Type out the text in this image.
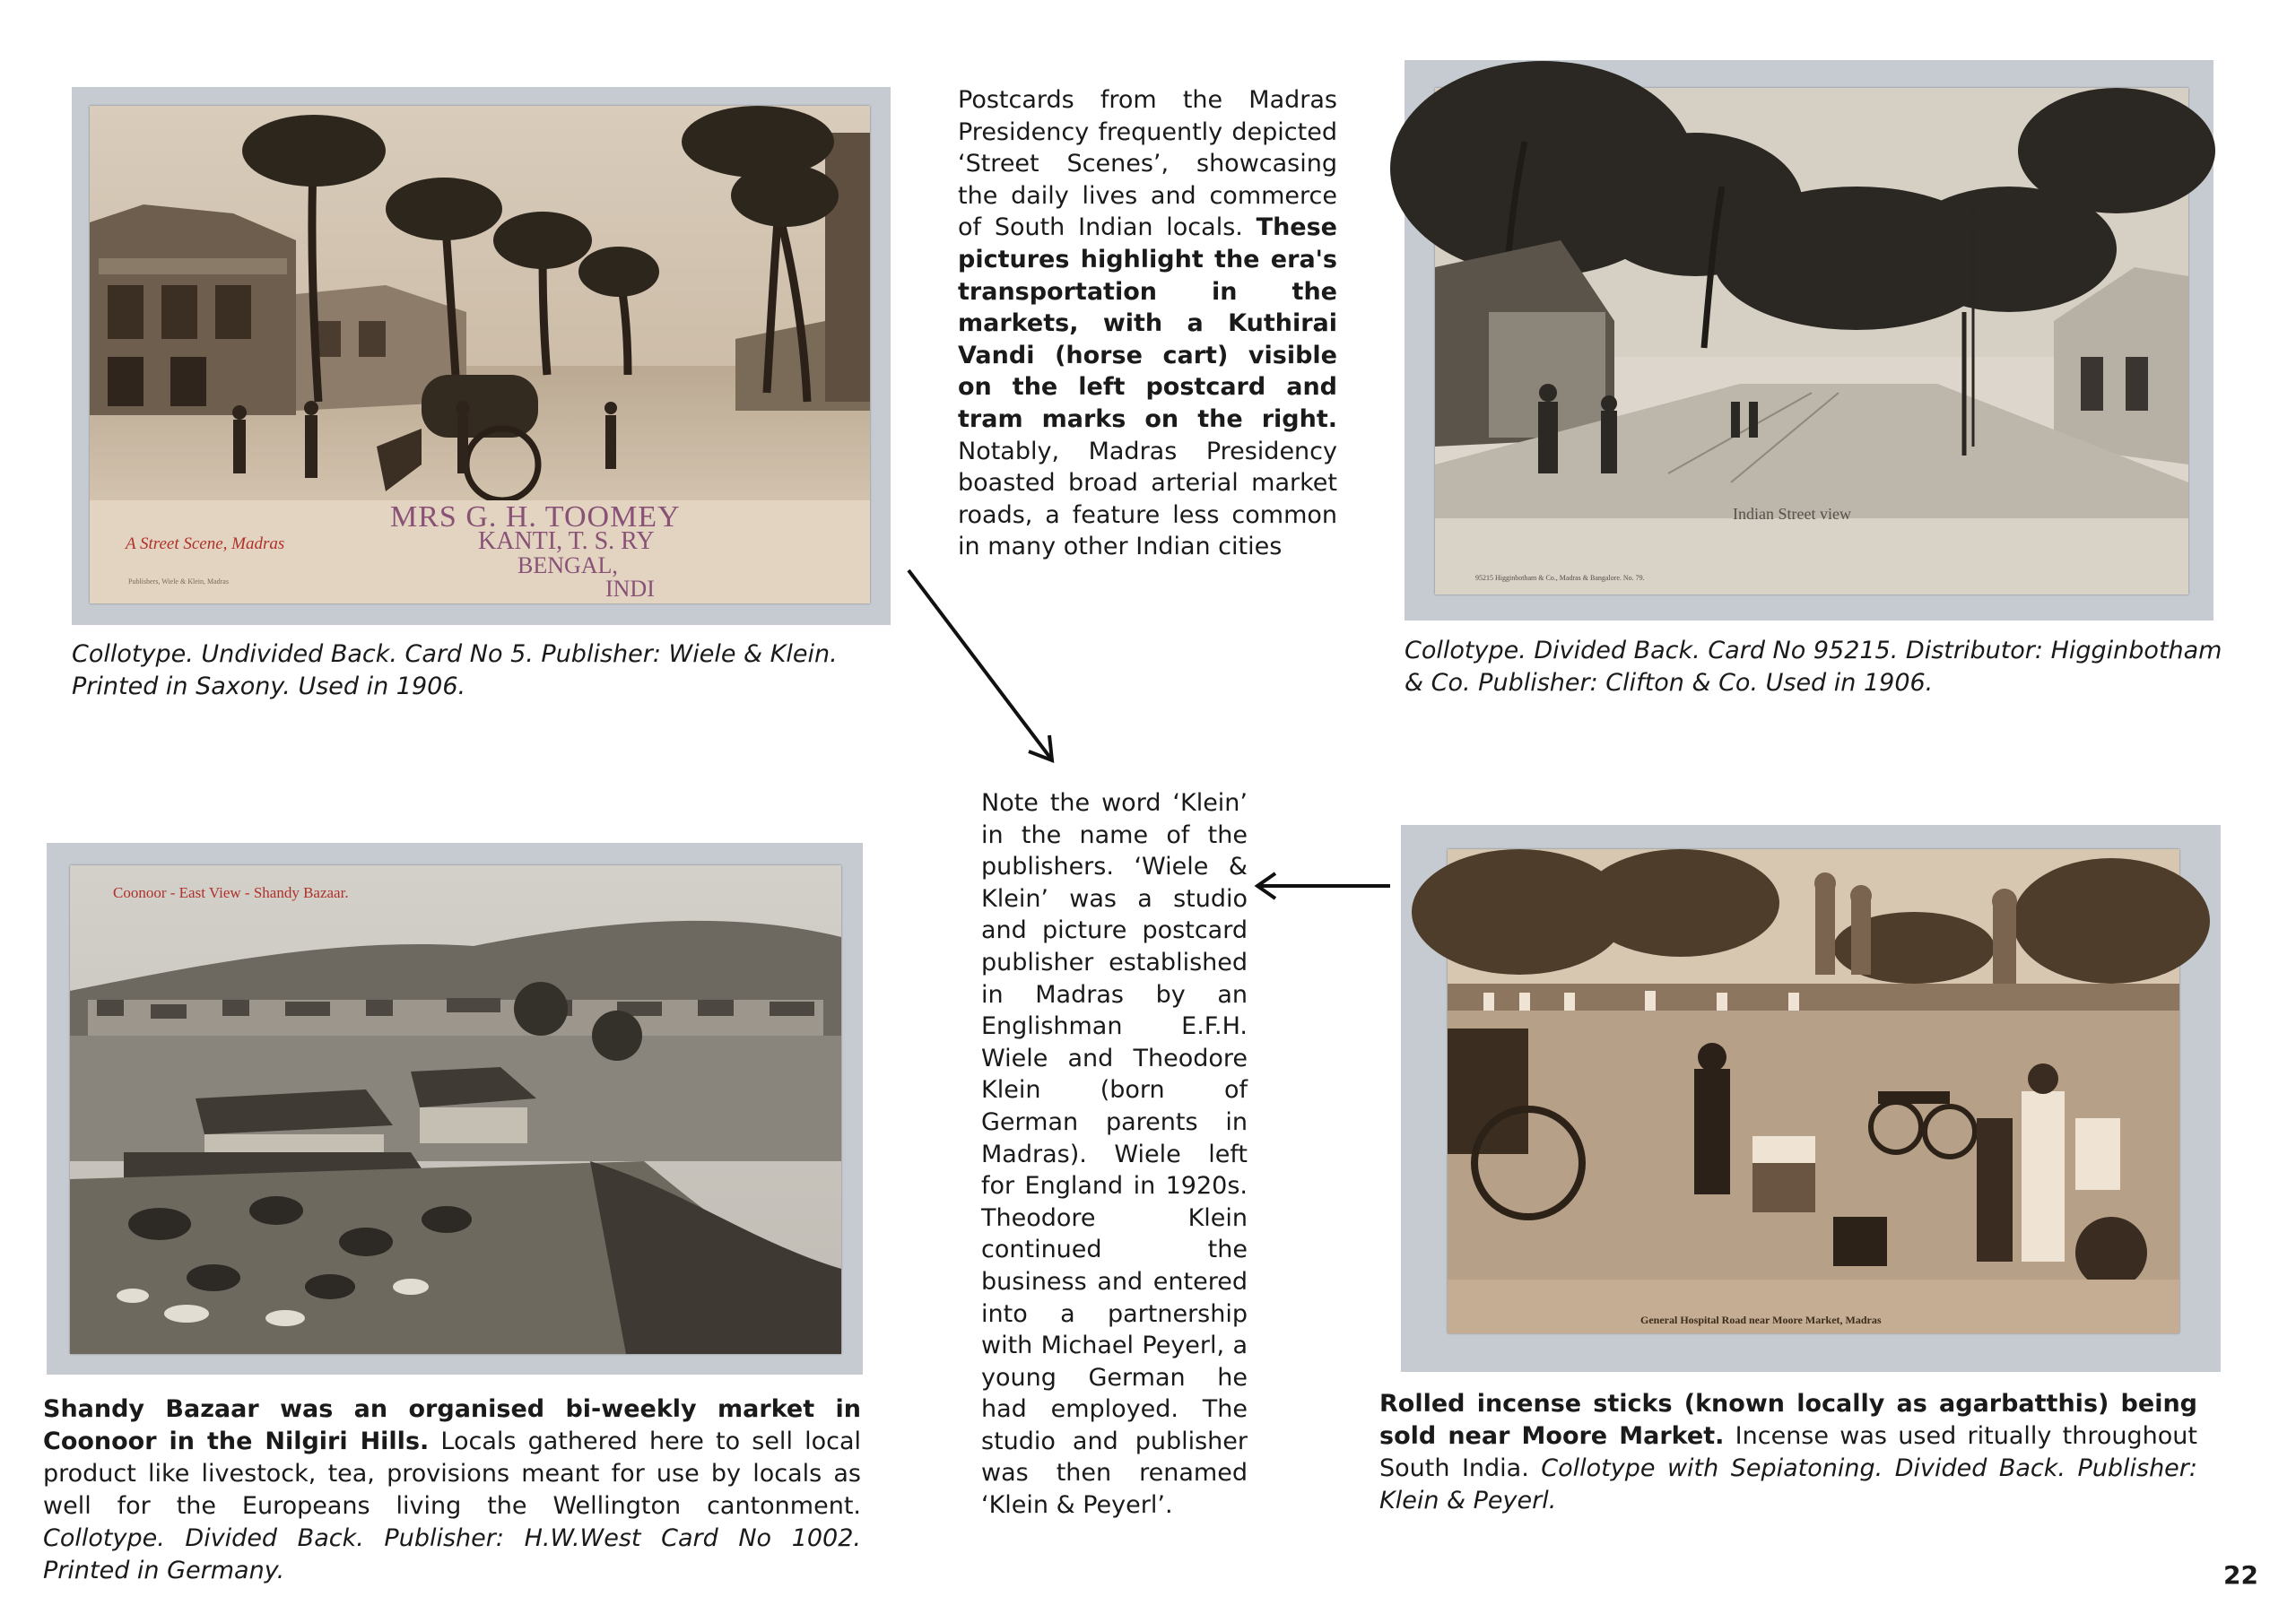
A Street Scene, Madras
Publishers, Wiele & Klein, Madras
MRS G. H. TOOMEY
KANTI, T. S. RY
BENGAL,
INDI
Collotype. Undivided Back. Card No 5. Publisher: Wiele & Klein. Printed in Saxony. Used in 1906.
Postcards from the Madras Presidency frequently depicted ‘Street Scenes’, showcasing the daily lives and commerce of South Indian locals. These pictures highlight the era's transportation in the markets, with a Kuthirai Vandi (horse cart) visible on the left postcard and tram marks on the right. Notably, Madras Presidency boasted broad arterial market roads, a feature less common in many other Indian cities
Indian Street view
95215 Higginbotham & Co., Madras & Bangalore. No. 79.
Collotype. Divided Back. Card No 95215. Distributor: Higginbotham & Co. Publisher: Clifton & Co. Used in 1906.
Coonoor - East View - Shandy Bazaar.
Shandy Bazaar was an organised bi-weekly market in Coonoor in the Nilgiri Hills. Locals gathered here to sell local product like livestock, tea, provisions meant for use by locals as well for the Europeans living the Wellington cantonment. Collotype. Divided Back. Publisher: H.W.West Card No 1002. Printed in Germany.
Note the word ‘Klein’ in the name of the publishers. ‘Wiele & Klein’ was a studio and picture postcard publisher established in Madras by an Englishman E.F.H. Wiele and Theodore Klein (born of German parents in Madras). Wiele left for England in 1920s. Theodore Klein continued the business and entered into a partnership with Michael Peyerl, a young German he had employed. The studio and publisher was then renamed ‘Klein & Peyerl’.
General Hospital Road near Moore Market, Madras
Rolled incense sticks (known locally as agarbatthis) being sold near Moore Market. Incense was used ritually throughout South India. Collotype with Sepiatoning. Divided Back. Publisher: Klein & Peyerl.
22
